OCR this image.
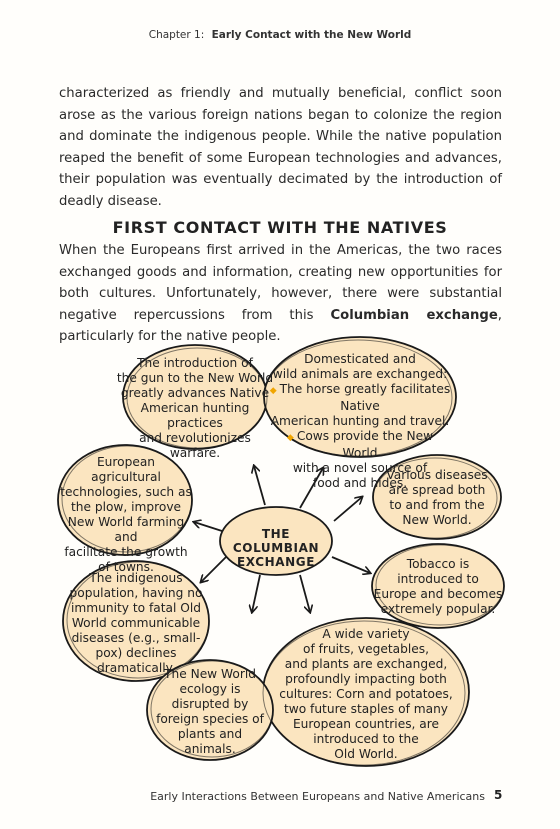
Chapter 1: Early Contact with the New World

characterized as friendly and mutually beneficial, conflict soon arose as the various foreign nations began to colonize the region and dominate the indigenous people. While the native population reaped the benefit of some European technologies and advances, their population was eventually decimated by the introduction of deadly disease.

FIRST CONTACT WITH THE NATIVES

When the Europeans first arrived in the Americas, the two races exchanged goods and information, creating new opportunities for both cultures. Unfortunately, however, there were substantial negative repercussions from this Columbian exchange, particularly for the native people.

The introduction of
the gun to the New World
greatly advances Native
American hunting practices
and revolutionizes
warfare.
Domesticated and
wild animals are exchanged:
◆ The horse greatly facilitates Native
American hunting and travel.
◆ Cows provide the New World
with a novel source of
food and hides.
European
agricultural
technologies, such as
the plow, improve
New World farming and
facilitate the growth
of towns.
Various diseases
are spread both
to and from the
New World.
THE
COLUMBIAN
EXCHANGE	Tobacco is
introduced to
Europe and becomes
extremely popular.
The indigenous
population, having no
immunity to fatal Old
World communicable
diseases (e.g., small-
pox) declines
dramatically.
A wide variety
of fruits, vegetables,
and plants are exchanged,
profoundly impacting both
cultures: Corn and potatoes,
two future staples of many
European countries, are
introduced to the
Old World.
The New World
ecology is
disrupted by
foreign species of
plants and
animals.
Early Interactions Between Europeans and Native Americans 5
